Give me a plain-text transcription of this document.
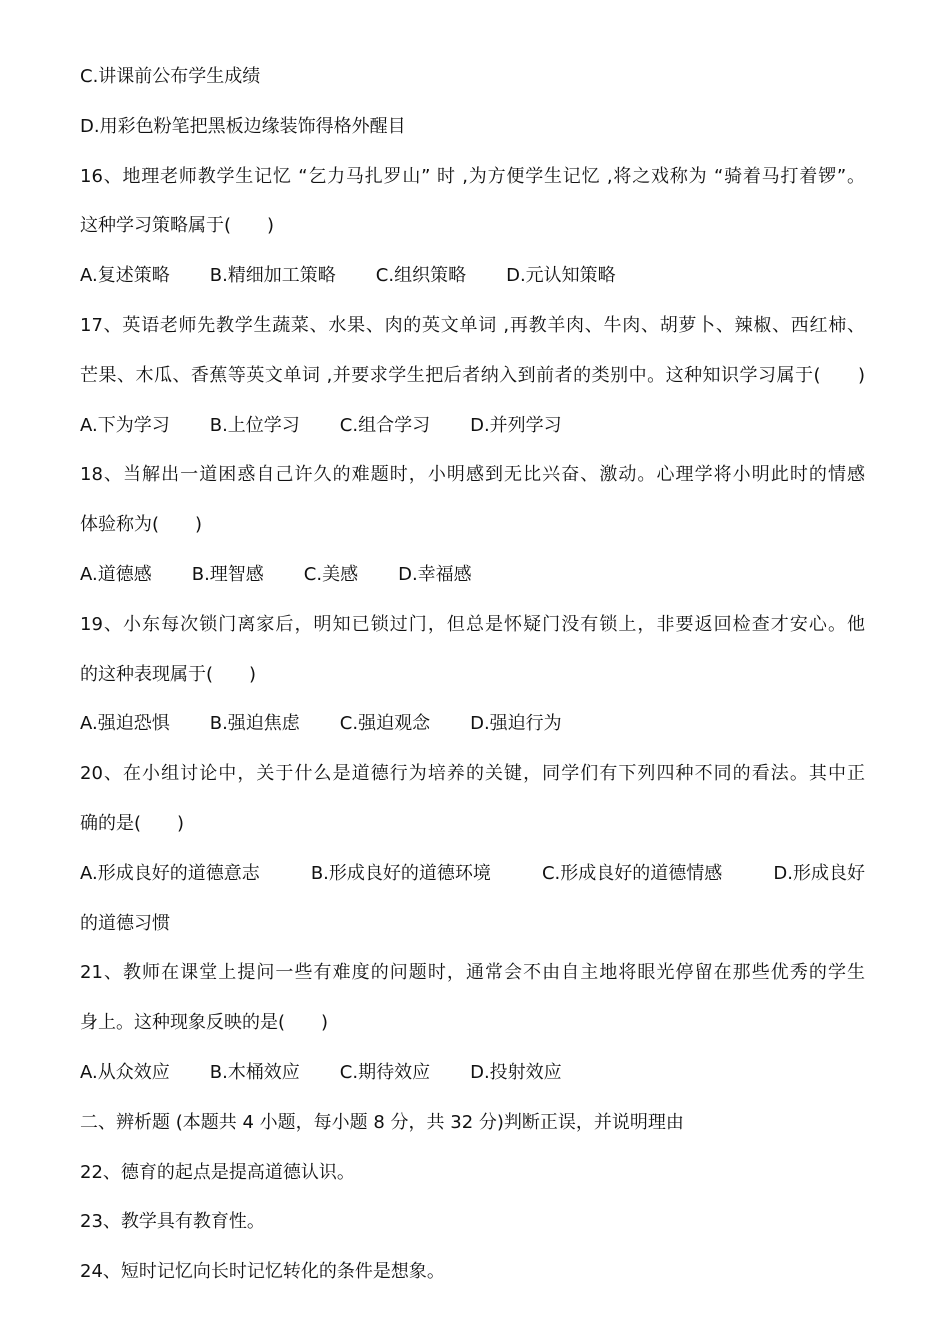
C.讲课前公布学生成绩
D.用彩色粉笔把黑板边缘装饰得格外醒目
16、地理老师教学生记忆 “乞力马扎罗山” 时 ,为方便学生记忆 ,将之戏称为 “骑着马打着锣”。
这种学习策略属于(　　)
A.复述策略 B.精细加工策略 C.组织策略 D.元认知策略
17、英语老师先教学生蔬菜、水果、肉的英文单词 ,再教羊肉、牛肉、胡萝卜、辣椒、西红柿、
芒果、木瓜、香蕉等英文单词 ,并要求学生把后者纳入到前者的类别中。这种知识学习属于(　　)
A.下为学习 B.上位学习 C.组合学习 D.并列学习
18、当解出一道困惑自己许久的难题时，小明感到无比兴奋、激动。心理学将小明此时的情感
体验称为(　　)
A.道德感 B.理智感 C.美感 D.幸福感
19、小东每次锁门离家后，明知已锁过门，但总是怀疑门没有锁上，非要返回检查才安心。他
的这种表现属于(　　)
A.强迫恐惧 B.强迫焦虑 C.强迫观念 D.强迫行为
20、在小组讨论中，关于什么是道德行为培养的关键，同学们有下列四种不同的看法。其中正
确的是(　　)
A.形成良好的道德意志	B.形成良好的道德环境	C.形成良好的道德情感	D.形成良好
的道德习惯
21、教师在课堂上提问一些有难度的问题时，通常会不由自主地将眼光停留在那些优秀的学生
身上。这种现象反映的是(　　)
A.从众效应 B.木桶效应 C.期待效应 D.投射效应
二、辨析题 (本题共 4 小题，每小题 8 分，共 32 分)判断正误，并说明理由
22、德育的起点是提高道德认识。
23、教学具有教育性。
24、短时记忆向长时记忆转化的条件是想象。
